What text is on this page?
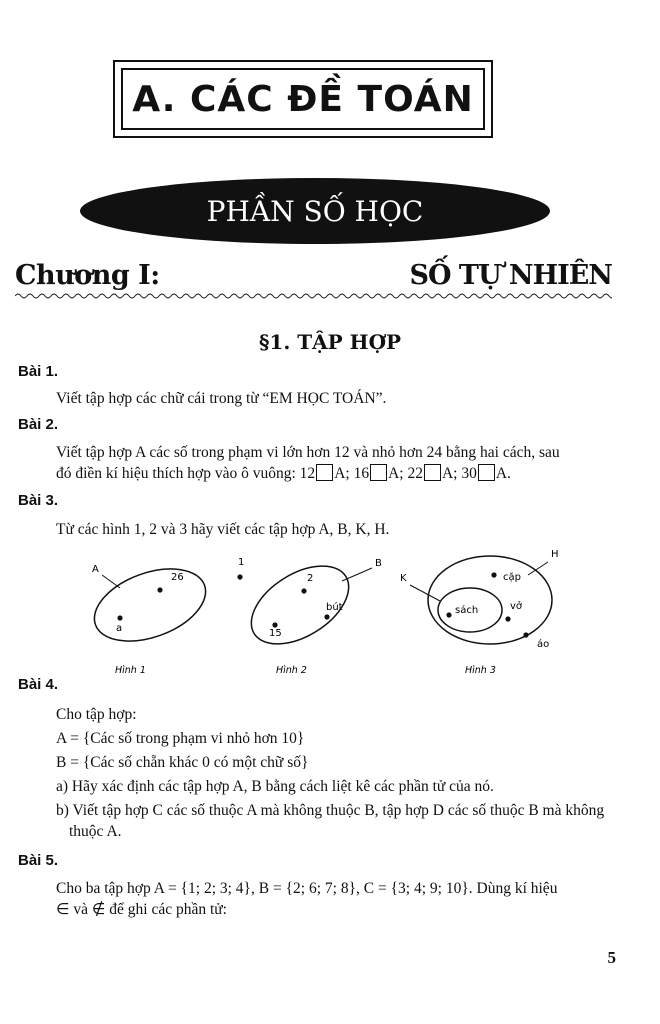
A. CÁC ĐỀ TOÁN
PHẦN SỐ HỌC
Chương I:	SỐ TỰ NHIÊN
§1. TẬP HỢP
Bài 1.
Viết tập hợp các chữ cái trong từ “EM HỌC TOÁN”.
Bài 2.
Viết tập hợp A các số trong phạm vi lớn hơn 12 và nhỏ hơn 24 bằng hai cách, sau
đó điền kí hiệu thích hợp vào ô vuông: 12 A; 16 A; 22 A; 30 A.
Bài 3.
Từ các hình 1, 2 và 3 hãy viết các tập hợp A, B, K, H.
A
26
a
Hình 1
1	B
2
bút
15
Hình 2
H
K	cặp
sách	vở
áo
Hình 3
Bài 4.
Cho tập hợp:
A = {Các số trong phạm vi nhỏ hơn 10}
B = {Các số chẵn khác 0 có một chữ số}
a) Hãy xác định các tập hợp A, B bằng cách liệt kê các phần tử của nó.
b) Viết tập hợp C các số thuộc A mà không thuộc B, tập hợp D các số thuộc B mà không thuộc A.
Bài 5.
Cho ba tập hợp A = {1; 2; 3; 4}, B = {2; 6; 7; 8}, C = {3; 4; 9; 10}. Dùng kí hiệu
∈ và ∉ để ghi các phần tử:
5
